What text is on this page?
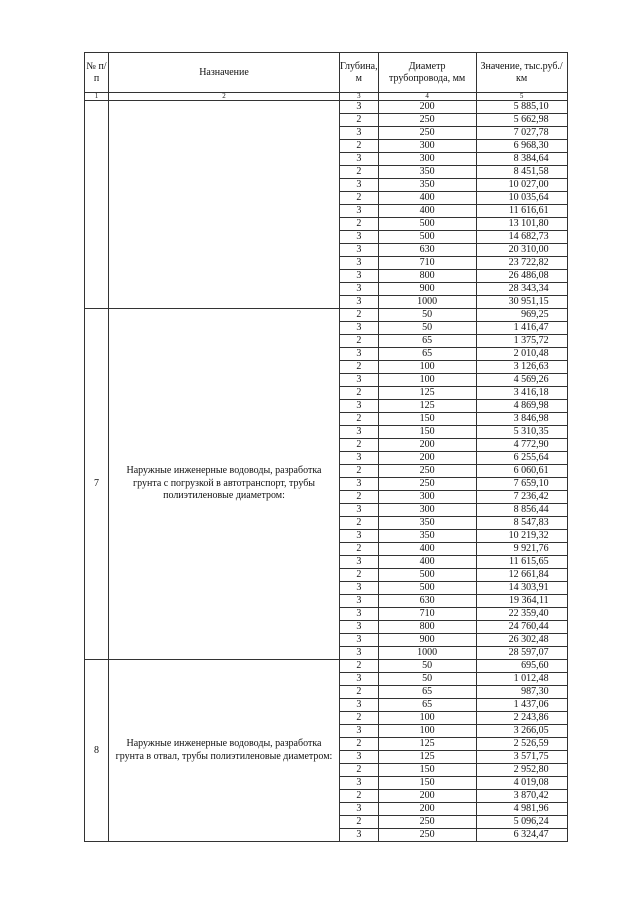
№ п/п	Назначение	Глубина, м	Диаметр трубопровода, мм	Значение, тыс.руб./км
1	2	3	4	5
		3	200	5 885,10
		2	250	5 662,98
		3	250	7 027,78
		2	300	6 968,30
		3	300	8 384,64
		2	350	8 451,58
		3	350	10 027,00
		2	400	10 035,64
		3	400	11 616,61
		2	500	13 101,80
		3	500	14 682,73
		3	630	20 310,00
		3	710	23 722,82
		3	800	26 486,08
		3	900	28 343,34
		3	1000	30 951,15
7	Наружные инженерные водоводы, разработка грунта с погрузкой в автотранспорт, трубы полиэтиленовые диаметром:	2	50	969,25
		3	50	1 416,47
		2	65	1 375,72
		3	65	2 010,48
		2	100	3 126,63
		3	100	4 569,26
		2	125	3 416,18
		3	125	4 869,98
		2	150	3 846,98
		3	150	5 310,35
		2	200	4 772,90
		3	200	6 255,64
		2	250	6 060,61
		3	250	7 659,10
		2	300	7 236,42
		3	300	8 856,44
		2	350	8 547,83
		3	350	10 219,32
		2	400	9 921,76
		3	400	11 615,65
		2	500	12 661,84
		3	500	14 303,91
		3	630	19 364,11
		3	710	22 359,40
		3	800	24 760,44
		3	900	26 302,48
		3	1000	28 597,07
8	Наружные инженерные водоводы, разработка грунта в отвал, трубы полиэтиленовые диаметром:	2	50	695,60
		3	50	1 012,48
		2	65	987,30
		3	65	1 437,06
		2	100	2 243,86
		3	100	3 266,05
		2	125	2 526,59
		3	125	3 571,75
		2	150	2 952,80
		3	150	4 019,08
		2	200	3 870,42
		3	200	4 981,96
		2	250	5 096,24
		3	250	6 324,47
